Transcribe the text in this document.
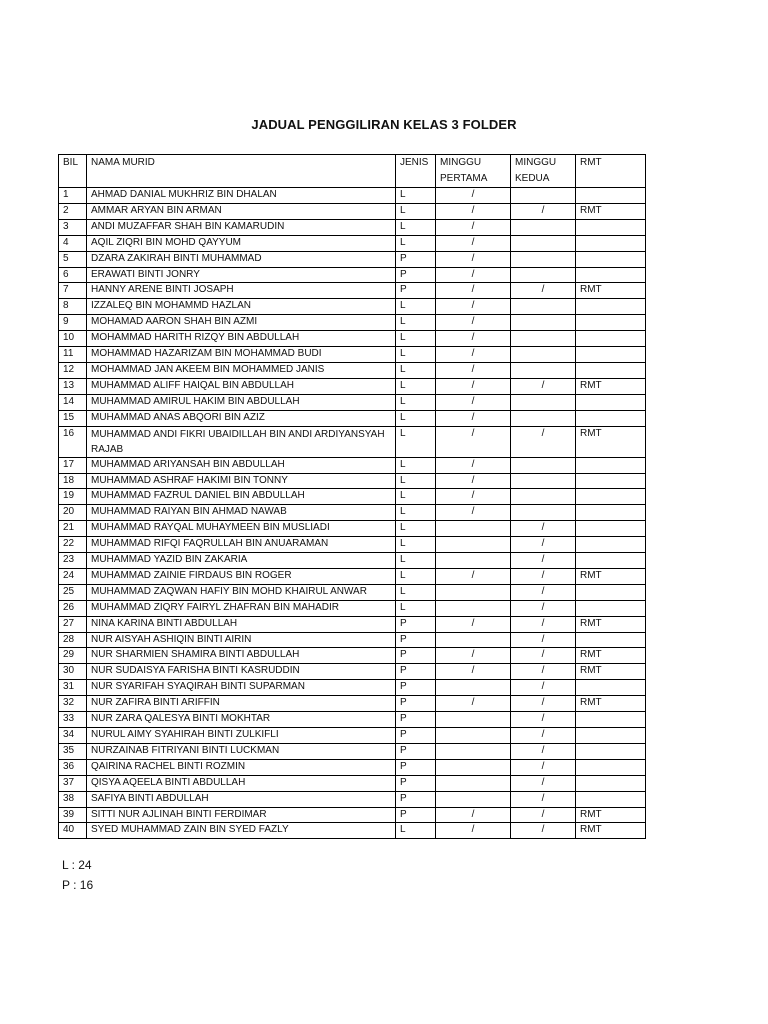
JADUAL PENGGILIRAN KELAS 3 FOLDER
BIL	NAMA MURID	JENIS	MINGGU PERTAMA	MINGGU KEDUA	RMT
1	AHMAD DANIAL MUKHRIZ BIN DHALAN	L	/		
2	AMMAR ARYAN BIN ARMAN	L	/	/	RMT
3	ANDI MUZAFFAR SHAH BIN KAMARUDIN	L	/		
4	AQIL ZIQRI BIN MOHD QAYYUM	L	/		
5	DZARA ZAKIRAH BINTI MUHAMMAD	P	/		
6	ERAWATI BINTI JONRY	P	/		
7	HANNY ARENE BINTI JOSAPH	P	/	/	RMT
8	IZZALEQ BIN MOHAMMD HAZLAN	L	/		
9	MOHAMAD AARON SHAH BIN AZMI	L	/		
10	MOHAMMAD HARITH RIZQY BIN ABDULLAH	L	/		
11	MOHAMMAD HAZARIZAM BIN MOHAMMAD BUDI	L	/		
12	MOHAMMAD JAN AKEEM BIN MOHAMMED JANIS	L	/		
13	MUHAMMAD ALIFF HAIQAL BIN ABDULLAH	L	/	/	RMT
14	MUHAMMAD AMIRUL HAKIM BIN ABDULLAH	L	/		
15	MUHAMMAD ANAS ABQORI BIN AZIZ	L	/		
16	MUHAMMAD ANDI FIKRI UBAIDILLAH BIN ANDI ARDIYANSYAH RAJAB	L	/	/	RMT
17	MUHAMMAD ARIYANSAH BIN ABDULLAH	L	/		
18	MUHAMMAD ASHRAF HAKIMI BIN TONNY	L	/		
19	MUHAMMAD FAZRUL DANIEL BIN ABDULLAH	L	/		
20	MUHAMMAD RAIYAN BIN AHMAD NAWAB	L	/		
21	MUHAMMAD RAYQAL MUHAYMEEN BIN MUSLIADI	L		/	
22	MUHAMMAD RIFQI FAQRULLAH BIN ANUARAMAN	L		/	
23	MUHAMMAD YAZID BIN ZAKARIA	L		/	
24	MUHAMMAD ZAINIE FIRDAUS BIN ROGER	L	/	/	RMT
25	MUHAMMAD ZAQWAN HAFIY BIN MOHD KHAIRUL ANWAR	L		/	
26	MUHAMMAD ZIQRY FAIRYL ZHAFRAN BIN MAHADIR	L		/	
27	NINA KARINA BINTI ABDULLAH	P	/	/	RMT
28	NUR AISYAH ASHIQIN BINTI AIRIN	P		/	
29	NUR SHARMIEN SHAMIRA BINTI ABDULLAH	P	/	/	RMT
30	NUR SUDAISYA FARISHA BINTI KASRUDDIN	P	/	/	RMT
31	NUR SYARIFAH SYAQIRAH BINTI SUPARMAN	P		/	
32	NUR ZAFIRA BINTI ARIFFIN	P	/	/	RMT
33	NUR ZARA QALESYA BINTI MOKHTAR	P		/	
34	NURUL AIMY SYAHIRAH BINTI ZULKIFLI	P		/	
35	NURZAINAB FITRIYANI BINTI LUCKMAN	P		/	
36	QAIRINA RACHEL BINTI ROZMIN	P		/	
37	QISYA AQEELA BINTI ABDULLAH	P		/	
38	SAFIYA BINTI ABDULLAH	P		/	
39	SITTI NUR AJLINAH BINTI FERDIMAR	P	/	/	RMT
40	SYED MUHAMMAD ZAIN BIN SYED FAZLY	L	/	/	RMT
L : 24
P : 16
